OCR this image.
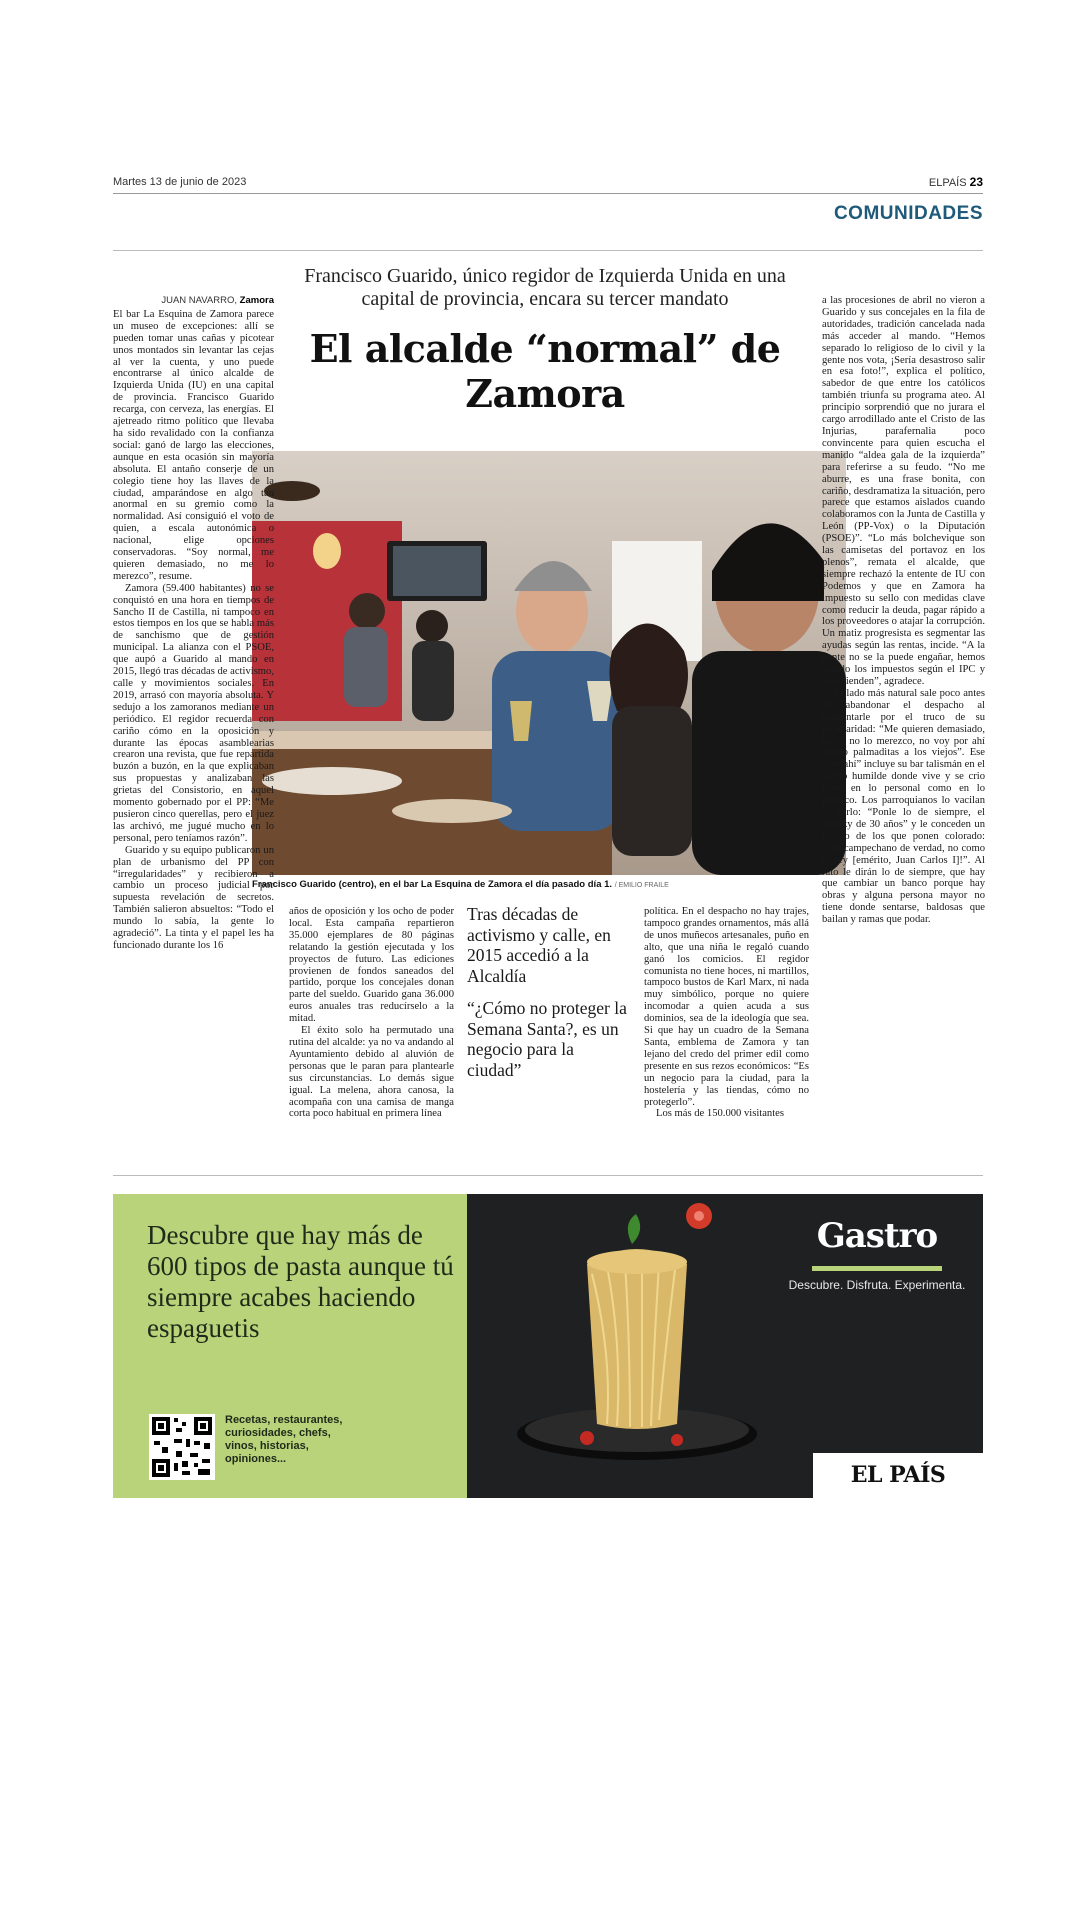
Martes 13 de junio de 2023	ELPAÍS 23
COMUNIDADES
Francisco Guarido, único regidor de Izquierda Unida en una capital de provincia, encara su tercer mandato
El alcalde “normal” de Zamora
Francisco Guarido (centro), en el bar La Esquina de Zamora el día pasado día 1. / EMILIO FRAILE
JUAN NAVARRO, Zamora

El bar La Esquina de Zamora parece un museo de excepciones: allí se pueden tomar unas cañas y picotear unos montados sin levantar las cejas al ver la cuenta, y uno puede encontrarse al único alcalde de Izquierda Unida (IU) en una capital de provincia. Francisco Guarido recarga, con cerveza, las energías. El ajetreado ritmo político que llevaba ha sido revalidado con la confianza social: ganó de largo las elecciones, aunque en esta ocasión sin mayoría absoluta. El antaño conserje de un colegio tiene hoy las llaves de la ciudad, amparándose en algo tan anormal en su gremio como la normalidad. Así consiguió el voto de quien, a escala autonómica o nacional, elige opciones conservadoras. “Soy normal, me quieren demasiado, no me lo merezco”, resume.

Zamora (59.400 habitantes) no se conquistó en una hora en tiempos de Sancho II de Castilla, ni tampoco en estos tiempos en los que se habla más de sanchismo que de gestión municipal. La alianza con el PSOE, que aupó a Guarido al mando en 2015, llegó tras décadas de activismo, calle y movimientos sociales. En 2019, arrasó con mayoría absoluta. Y sedujo a los zamoranos mediante un periódico. El regidor recuerda con cariño cómo en la oposición y durante las épocas asamblearias crearon una revista, que fue repartida buzón a buzón, en la que explicaban sus propuestas y analizaban las grietas del Consistorio, en aquel momento gobernado por el PP: “Me pusieron cinco querellas, pero el juez las archivó, me jugué mucho en lo personal, pero teníamos razón”.

Guarido y su equipo publicaron un plan de urbanismo del PP con “irregularidades” y recibieron a cambio un proceso judicial por supuesta revelación de secretos. También salieron absueltos: “Todo el mundo lo sabía, la gente lo agradeció”. La tinta y el papel les ha funcionado durante los 16

años de oposición y los ocho de poder local. Esta campaña repartieron 35.000 ejemplares de 80 páginas relatando la gestión ejecutada y los proyectos de futuro. Las ediciones provienen de fondos saneados del partido, porque los concejales donan parte del sueldo. Guarido gana 36.000 euros anuales tras reducírselo a la mitad.

El éxito solo ha permutado una rutina del alcalde: ya no va andando al Ayuntamiento debido al aluvión de personas que le paran para plantearle sus circunstancias. Lo demás sigue igual. La melena, ahora canosa, la acompaña con una camisa de manga corta poco habitual en primera línea

Tras décadas de activismo y calle, en 2015 accedió a la Alcaldía
“¿Cómo no proteger la Semana Santa?, es un negocio para la ciudad”

política. En el despacho no hay trajes, tampoco grandes ornamentos, más allá de unos muñecos artesanales, puño en alto, que una niña le regaló cuando ganó los comicios. El regidor comunista no tiene hoces, ni martillos, tampoco bustos de Karl Marx, ni nada muy simbólico, porque no quiere incomodar a quien acuda a sus dominios, sea de la ideología que sea. Si que hay un cuadro de la Semana Santa, emblema de Zamora y tan lejano del credo del primer edil como presente en sus rezos económicos: “Es un negocio para la ciudad, para la hostelería y las tiendas, cómo no protegerlo”.

Los más de 150.000 visitantes

a las procesiones de abril no vieron a Guarido y sus concejales en la fila de autoridades, tradición cancelada nada más acceder al mando. “Hemos separado lo religioso de lo civil y la gente nos vota, ¡Sería desastroso salir en esa foto!”, explica el político, sabedor de que entre los católicos también triunfa su programa ateo. Al principio sorprendió que no jurara el cargo arrodillado ante el Cristo de las Injurias, parafernalia poco convincente para quien escucha el manido “aldea gala de la izquierda” para referirse a su feudo. “No me aburre, es una frase bonita, con cariño, desdramatiza la situación, pero parece que estamos aislados cuando colaboramos con la Junta de Castilla y León (PP-Vox) o la Diputación (PSOE)”. “Lo más bolchevique son las camisetas del portavoz en los plenos”, remata el alcalde, que siempre rechazó la entente de IU con Podemos y que en Zamora ha impuesto su sello con medidas clave como reducir la deuda, pagar rápido a los proveedores o atajar la corrupción. Un matiz progresista es segmentar las ayudas según las rentas, incide. “A la gente no se la puede engañar, hemos subido los impuestos según el IPC y lo entienden”, agradece.

El lado más natural sale poco antes de abandonar el despacho al preguntarle por el truco de su popularidad: “Me quieren demasiado, coño, no lo merezco, no voy por ahí dando palmaditas a los viejos”. Ese “por ahí” incluye su bar talismán en el barrio humilde donde vive y se crio tanto en lo personal como en lo político. Los parroquianos lo vacilan al verlo: “Ponle lo de siempre, el whisky de 30 años” y le conceden un piropo de los que ponen colorado: “¡Es campechano de verdad, no como el rey [emérito, Juan Carlos I]!”. Al rato le dirán lo de siempre, que hay que cambiar un banco porque hay obras y alguna persona mayor no tiene donde sentarse, baldosas que bailan y ramas que podar.

Descubre que hay más de 600 tipos de pasta aunque tú siempre acabes haciendo espaguetis
Recetas, restaurantes, curiosidades, chefs, vinos, historias, opiniones...
Gastro
Descubre. Disfruta. Experimenta.
EL PAÍS
